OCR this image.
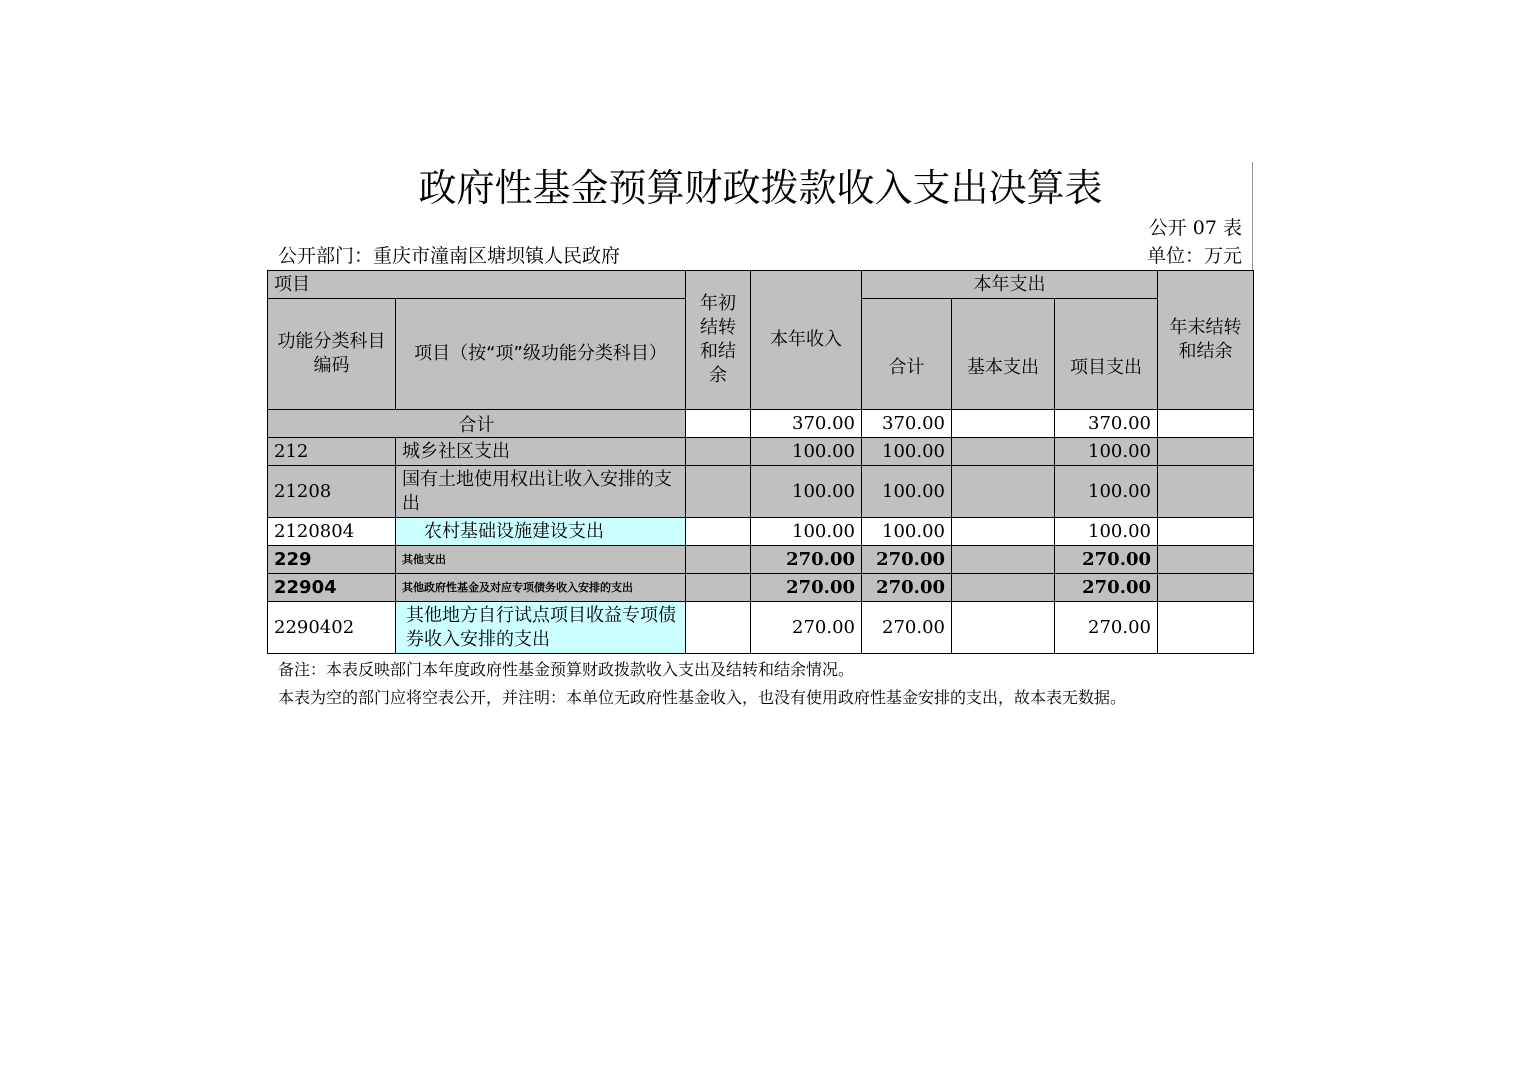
政府性基金预算财政拨款收入支出决算表
公开 07 表
公开部门：重庆市潼南区塘坝镇人民政府	单位：万元
项目		年初结转和结余	本年收入	本年支出			年末结转和结余
功能分类科目编码	项目（按“项”级功能分类科目）			合计	基本支出	项目支出	
合计			370.00	370.00		370.00	
212	城乡社区支出		100.00	100.00		100.00	
21208	国有土地使用权出让收入安排的支出		100.00	100.00		100.00	
2120804	农村基础设施建设支出		100.00	100.00		100.00	
229	其他支出		270.00	270.00		270.00	
22904	其他政府性基金及对应专项债务收入安排的支出		270.00	270.00		270.00	
2290402	其他地方自行试点项目收益专项债券收入安排的支出		270.00	270.00		270.00	
备注：本表反映部门本年度政府性基金预算财政拨款收入支出及结转和结余情况。
本表为空的部门应将空表公开，并注明：本单位无政府性基金收入，也没有使用政府性基金安排的支出，故本表无数据。
